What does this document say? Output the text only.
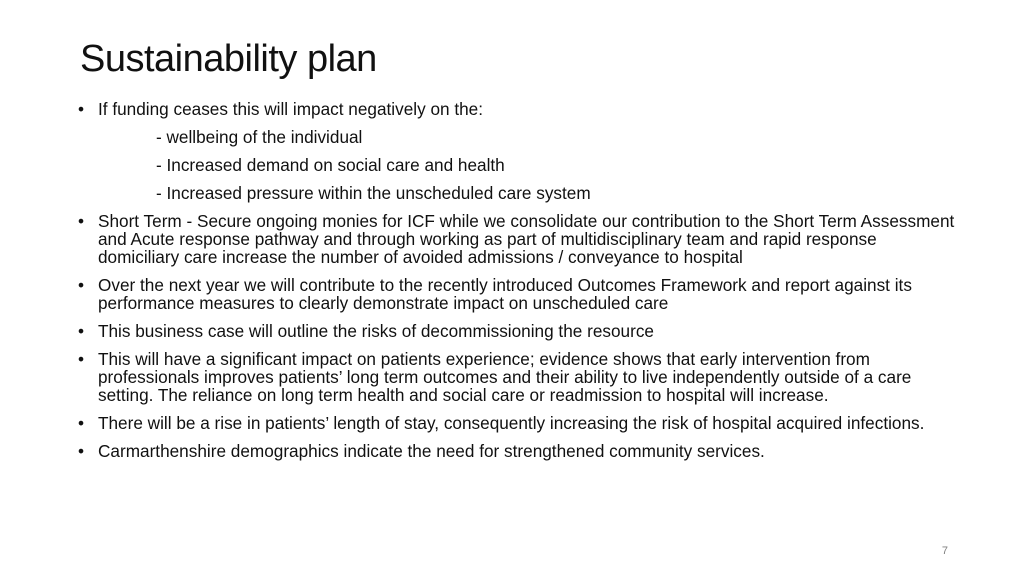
Sustainability plan
• If funding ceases this will impact negatively on the:
- wellbeing of the individual
- Increased demand on social care and health
- Increased pressure within the unscheduled care system
• Short Term - Secure ongoing monies for ICF while we consolidate our contribution to the Short Term Assessment and Acute response pathway and through working as part of multidisciplinary team and rapid response domiciliary care increase the number of avoided admissions / conveyance to hospital
• Over the next year we will contribute to the recently introduced Outcomes Framework and report against its performance measures to clearly demonstrate impact on unscheduled care
• This business case will outline the risks of decommissioning the resource
• This will have a significant impact on patients experience; evidence shows that early intervention from professionals improves patients’ long term outcomes and their ability to live independently outside of a care setting. The reliance on long term health and social care or readmission to hospital will increase.
• There will be a rise in patients’ length of stay, consequently increasing the risk of hospital acquired infections.
• Carmarthenshire demographics indicate the need for strengthened community services.
7
